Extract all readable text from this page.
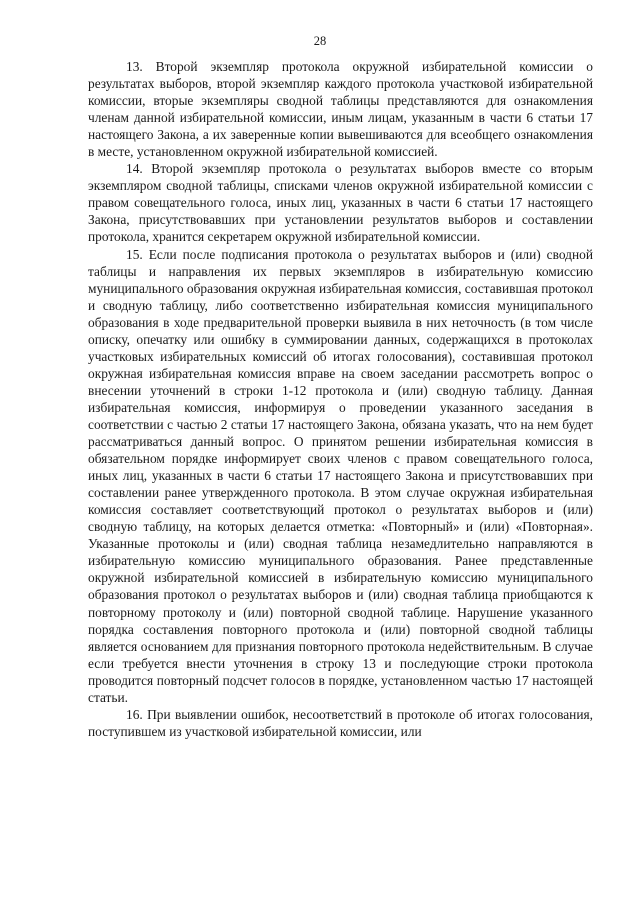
28

13. Второй экземпляр протокола окружной избирательной комиссии о результатах выборов, второй экземпляр каждого протокола участковой избирательной комиссии, вторые экземпляры сводной таблицы представляются для ознакомления членам данной избирательной комиссии, иным лицам, указанным в части 6 статьи 17 настоящего Закона, а их заверенные копии вывешиваются для всеобщего ознакомления в месте, установленном окружной избирательной комиссией.

14. Второй экземпляр протокола о результатах выборов вместе со вторым экземпляром сводной таблицы, списками членов окружной избирательной комиссии с правом совещательного голоса, иных лиц, указанных в части 6 статьи 17 настоящего Закона, присутствовавших при установлении результатов выборов и составлении протокола, хранится секретарем окружной избирательной комиссии.

15. Если после подписания протокола о результатах выборов и (или) сводной таблицы и направления их первых экземпляров в избирательную комиссию муниципального образования окружная избирательная комиссия, составившая протокол и сводную таблицу, либо соответственно избирательная комиссия муниципального образования в ходе предварительной проверки выявила в них неточность (в том числе описку, опечатку или ошибку в суммировании данных, содержащихся в протоколах участковых избирательных комиссий об итогах голосования), составившая протокол окружная избирательная комиссия вправе на своем заседании рассмотреть вопрос о внесении уточнений в строки 1-12 протокола и (или) сводную таблицу. Данная избирательная комиссия, информируя о проведении указанного заседания в соответствии с частью 2 статьи 17 настоящего Закона, обязана указать, что на нем будет рассматриваться данный вопрос. О принятом решении избирательная комиссия в обязательном порядке информирует своих членов с правом совещательного голоса, иных лиц, указанных в части 6 статьи 17 настоящего Закона и присутствовавших при составлении ранее утвержденного протокола. В этом случае окружная избирательная комиссия составляет соответствующий протокол о результатах выборов и (или) сводную таблицу, на которых делается отметка: «Повторный» и (или) «Повторная». Указанные протоколы и (или) сводная таблица незамедлительно направляются в избирательную комиссию муниципального образования. Ранее представленные окружной избирательной комиссией в избирательную комиссию муниципального образования протокол о результатах выборов и (или) сводная таблица приобщаются к повторному протоколу и (или) повторной сводной таблице. Нарушение указанного порядка составления повторного протокола и (или) повторной сводной таблицы является основанием для признания повторного протокола недействительным. В случае если требуется внести уточнения в строку 13 и последующие строки протокола проводится повторный подсчет голосов в порядке, установленном частью 17 настоящей статьи.

16. При выявлении ошибок, несоответствий в протоколе об итогах голосования, поступившем из участковой избирательной комиссии, или
